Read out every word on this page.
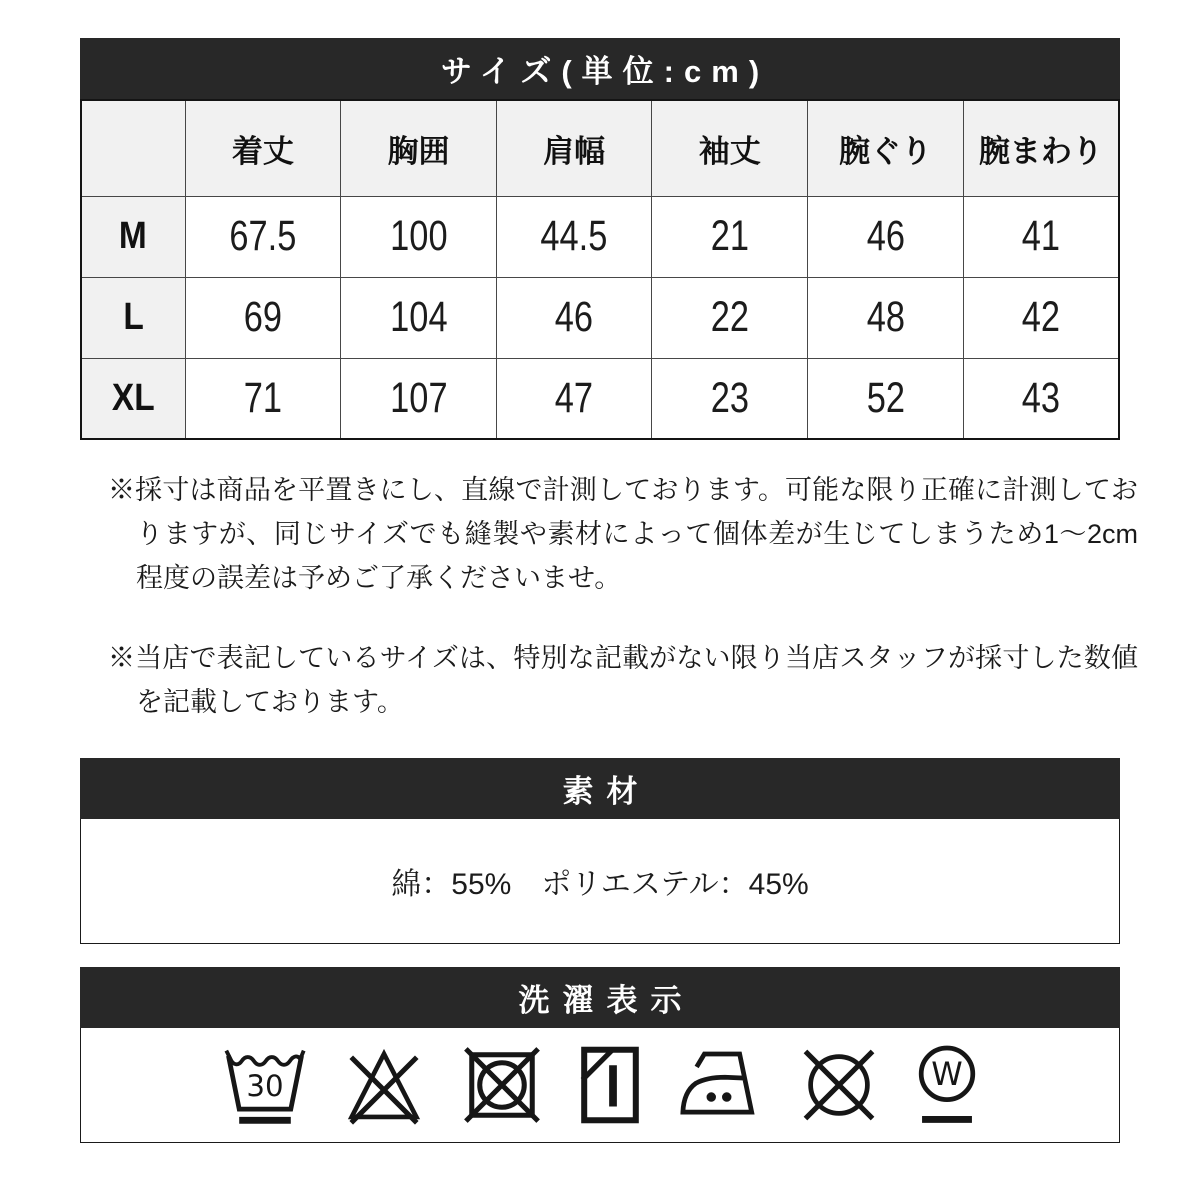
サイズ(単位:cm)
	着丈	胸囲	肩幅	袖丈	腕ぐり	腕まわり
M	67.5	100	44.5	21	46	41
L	69	104	46	22	48	42
XL	71	107	47	23	52	43
※採寸は商品を平置きにし、直線で計測しております。可能な限り正確に計測しておりますが、同じサイズでも縫製や素材によって個体差が生じてしまうため1〜2cm程度の誤差は予めご了承くださいませ。
※当店で表記しているサイズは、特別な記載がない限り当店スタッフが採寸した数値を記載しております。
素材
綿：55%　ポリエステル：45%
洗濯表示
30	W
